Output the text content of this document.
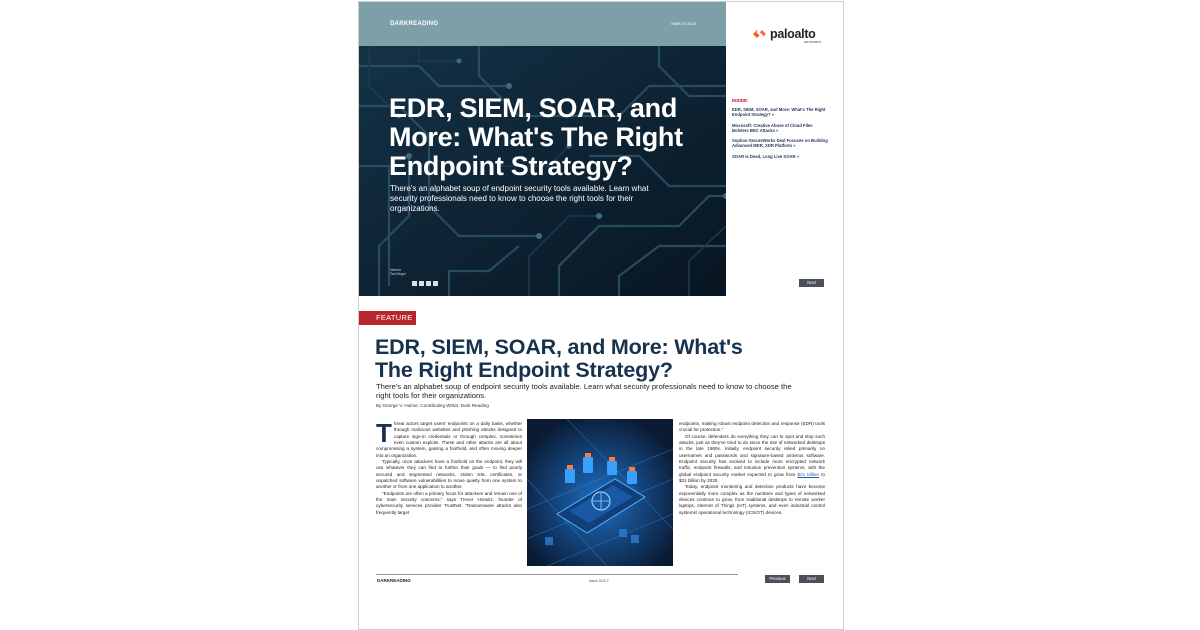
DARKREADING	MARCH 2025
EDR, SIEM, SOAR, and More: What's The Right Endpoint Strategy?
There's an alphabet soup of endpoint security tools available. Learn what security professionals need to know to choose the right tools for their organizations.
Informa TechTarget
paloalto
NETWORKS
INSIDE:
EDR, SIEM, SOAR, and More: What's The Right Endpoint Strategy? »
Microsoft: Creative Abuse of Cloud Files Bolsters BEC Attacks »
Sophos-SecureWorks Deal Focuses on Building Advanced MDR, XDR Platform »
SOAR Is Dead, Long Live SOAR »
Next
FEATURE
EDR, SIEM, SOAR, and More: What's The Right Endpoint Strategy?
There's an alphabet soup of endpoint security tools available. Learn what security professionals need to know to choose the right tools for their organizations.
By George V. Hulme, Contributing Writer, Dark Reading

Threat actors target users' endpoints on a daily basis, whether through malicious websites and phishing attacks designed to capture sign-in credentials or through complex, sometimes even custom exploits. These and other attacks are all about compromising a system, gaining a foothold, and often moving deeper into an organization.

Typically, once attackers have a foothold on the endpoint, they will use whatever they can find to further their goals — to find poorly secured and segmented networks, stolen SSL certificates, or unpatched software vulnerabilities to move quietly from one system to another or from one application to another.

"Endpoints are often a primary focus for attackers and remain one of the main security concerns," says Trevor Horwitz, founder of cybersecurity services provider TrustNet. "Ransomware attacks also frequently target

endpoints, making robust endpoint detection and response (EDR) tools crucial for protection."

Of course, defenders do everything they can to spot and stop such attacks, just as they've tried to do since the rise of networked desktops in the late 1980s. Initially, endpoint security relied primarily on usernames and passwords and signature-based antivirus software. Endpoint security has evolved to include more encrypted network traffic, endpoint firewalls, and intrusion prevention systems, with the global endpoint security market expected to grow from $21 billion to $31 billion by 2030.

Today, endpoint monitoring and detection products have become exponentially more complex as the numbers and types of networked devices continue to grow, from traditional desktops to remote worker laptops, Internet of Things (IoT) systems, and even industrial control systems/ operational technology (ICS/OT) devices.

DARKREADING	March 2025 2	Previous	Next
